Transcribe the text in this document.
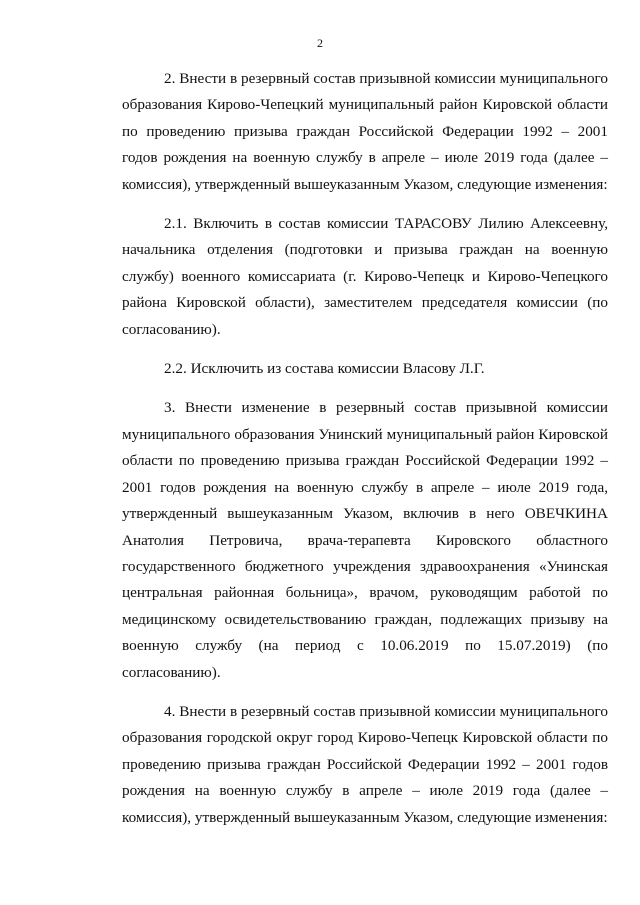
2

2. Внести в резервный состав призывной комиссии муниципального образования Кирово-Чепецкий муниципальный район Кировской области по проведению призыва граждан Российской Федерации 1992 – 2001 годов рождения на военную службу в апреле – июле 2019 года (далее – комиссия), утвержденный вышеуказанным Указом, следующие изменения:

2.1. Включить в состав комиссии ТАРАСОВУ Лилию Алексеевну, начальника отделения (подготовки и призыва граждан на военную службу) военного комиссариата (г. Кирово-Чепецк и Кирово-Чепецкого района Кировской области), заместителем председателя комиссии (по согласованию).

2.2. Исключить из состава комиссии Власову Л.Г.

3. Внести изменение в резервный состав призывной комиссии муниципального образования Унинский муниципальный район Кировской области по проведению призыва граждан Российской Федерации 1992 – 2001 годов рождения на военную службу в апреле – июле 2019 года, утвержденный вышеуказанным Указом, включив в него ОВЕЧКИНА Анатолия Петровича, врача-терапевта Кировского областного государственного бюджетного учреждения здравоохранения «Унинская центральная районная больница», врачом, руководящим работой по медицинскому освидетельствованию граждан, подлежащих призыву на военную службу (на период с 10.06.2019 по 15.07.2019) (по согласованию).

4. Внести в резервный состав призывной комиссии муниципального образования городской округ город Кирово-Чепецк Кировской области по проведению призыва граждан Российской Федерации 1992 – 2001 годов рождения на военную службу в апреле – июле 2019 года (далее – комиссия), утвержденный вышеуказанным Указом, следующие изменения:
